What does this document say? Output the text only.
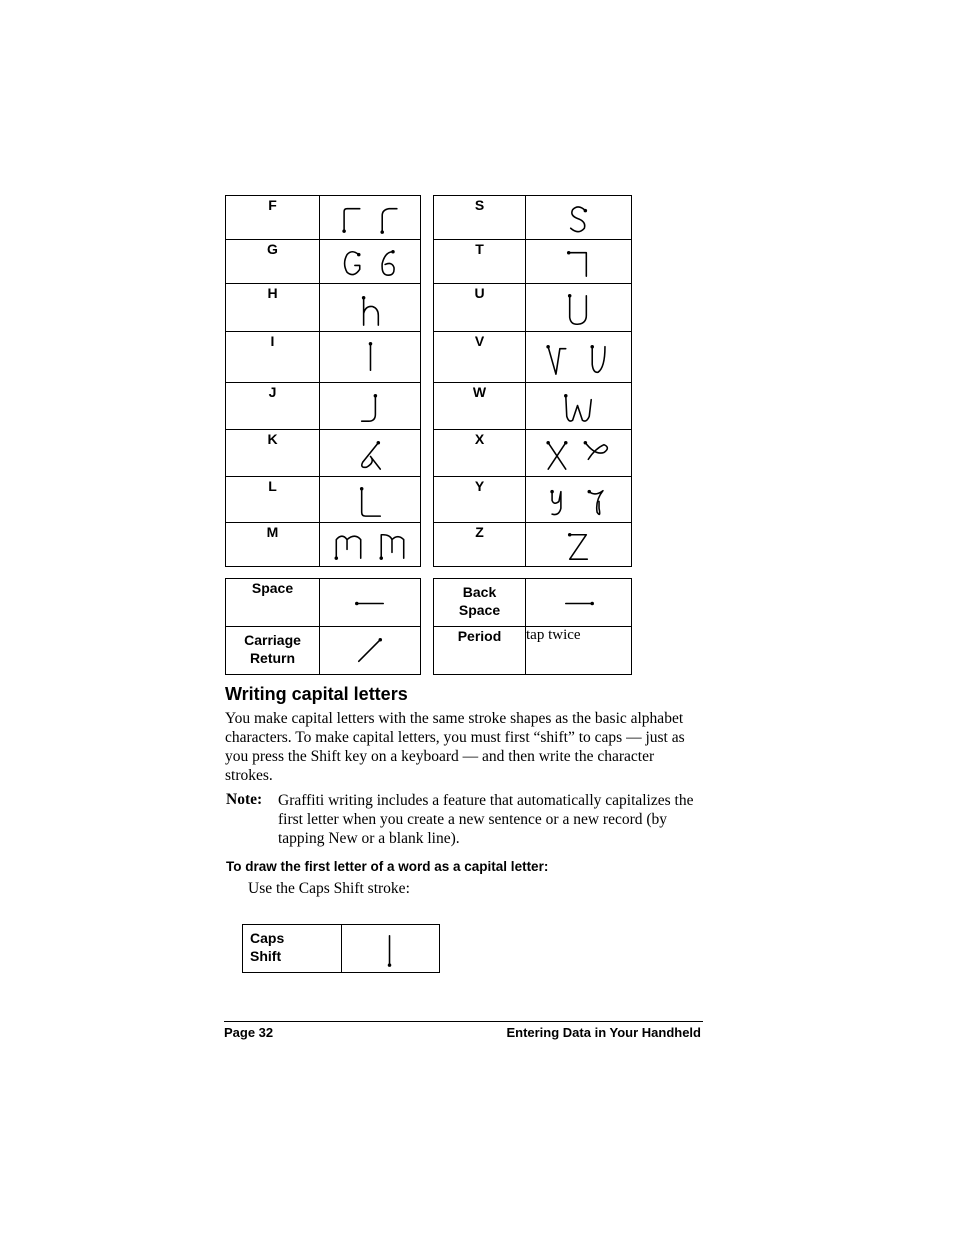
F	

G	

H	

I	

J	

K	

L	

M	
S	

T	

U	

V	

W	

X	

Y	

Z	
Space	

Carriage
Return	
Back
Space	

Period	tap twice
Writing capital letters

You make capital letters with the same stroke shapes as the basic alphabet characters. To make capital letters, you must first “shift” to caps — just as you press the Shift key on a keyboard — and then write the character strokes.

Note: Graffiti writing includes a feature that automatically capitalizes the first letter when you create a new sentence or a new record (by tapping New or a blank line).

To draw the first letter of a word as a capital letter:

Use the Caps Shift stroke:

Caps
Shift	
Page 32	Entering Data in Your Handheld
